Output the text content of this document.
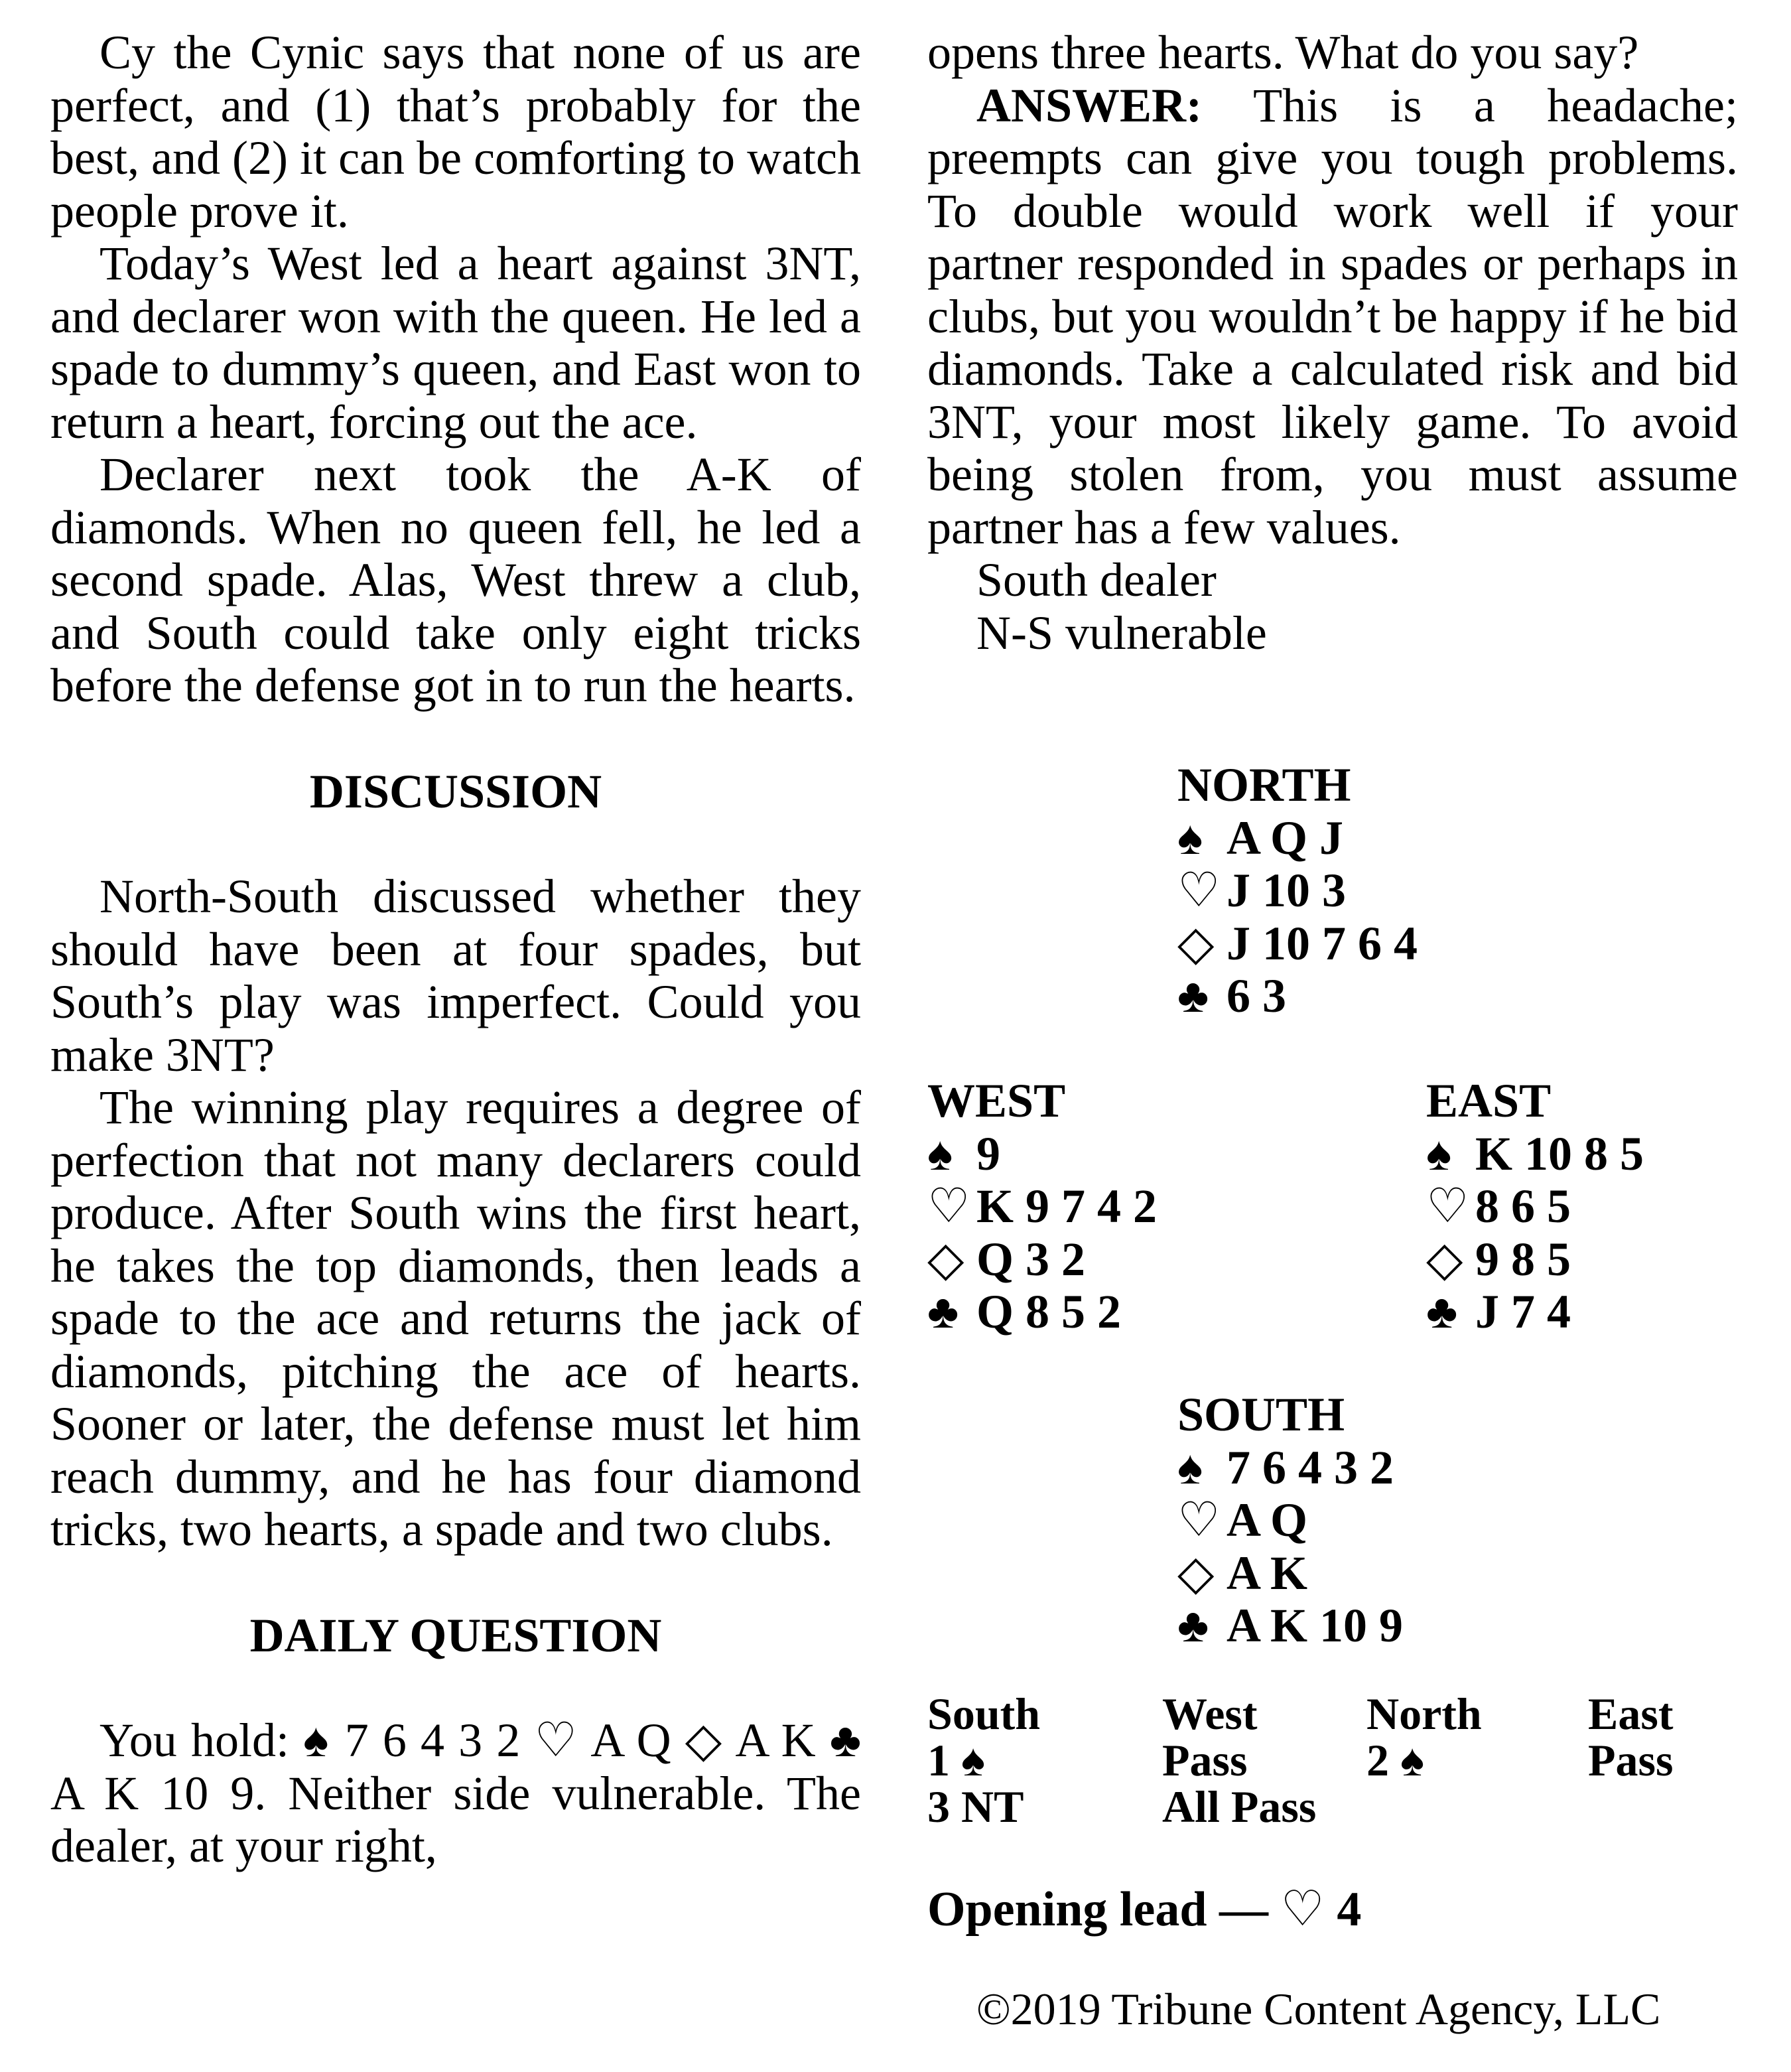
Cy the Cynic says that none of us are perfect, and (1) that’s probably for the best, and (2) it can be comforting to watch people prove it.

Today’s West led a heart against 3NT, and declarer won with the queen. He led a spade to dummy’s queen, and East won to return a heart, forcing out the ace.

Declarer next took the A-K of diamonds. When no queen fell, he led a second spade. Alas, West threw a club, and South could take only eight tricks before the defense got in to run the hearts.

DISCUSSION

North-South discussed whether they should have been at four spades, but South’s play was imperfect. Could you make 3NT?

The winning play requires a degree of perfection that not many declarers could produce. After South wins the first heart, he takes the top diamonds, then leads a spade to the ace and returns the jack of diamonds, pitching the ace of hearts. Sooner or later, the defense must let him reach dummy, and he has four diamond tricks, two hearts, a spade and two clubs.

DAILY QUESTION

You hold: ♠ 7 6 4 3 2 ♡ A Q ◇ A K ♣ A K 10 9. Neither side vulnerable. The dealer, at your right,

opens three hearts. What do you say?

ANSWER: This is a headache; preempts can give you tough problems. To double would work well if your partner responded in spades or perhaps in clubs, but you wouldn’t be happy if he bid diamonds. Take a calculated risk and bid 3NT, your most likely game. To avoid being stolen from, you must assume partner has a few values.

South dealer

N-S vulnerable

NORTH
♠ A Q J
♡ J 10 3
◇ J 10 7 6 4
♣ 6 3
WEST
♠ 9
♡ K 9 7 4 2
◇ Q 3 2
♣ Q 8 5 2
EAST
♠ K 10 8 5
♡ 8 6 5
◇ 9 8 5
♣ J 7 4
SOUTH
♠ 7 6 4 3 2
♡ A Q
◇ A K
♣ A K 10 9
South
1 ♠
3 NT
West
Pass
All Pass
North
2 ♠
East
Pass
Opening lead — ♡ 4
©2019 Tribune Content Agency, LLC
